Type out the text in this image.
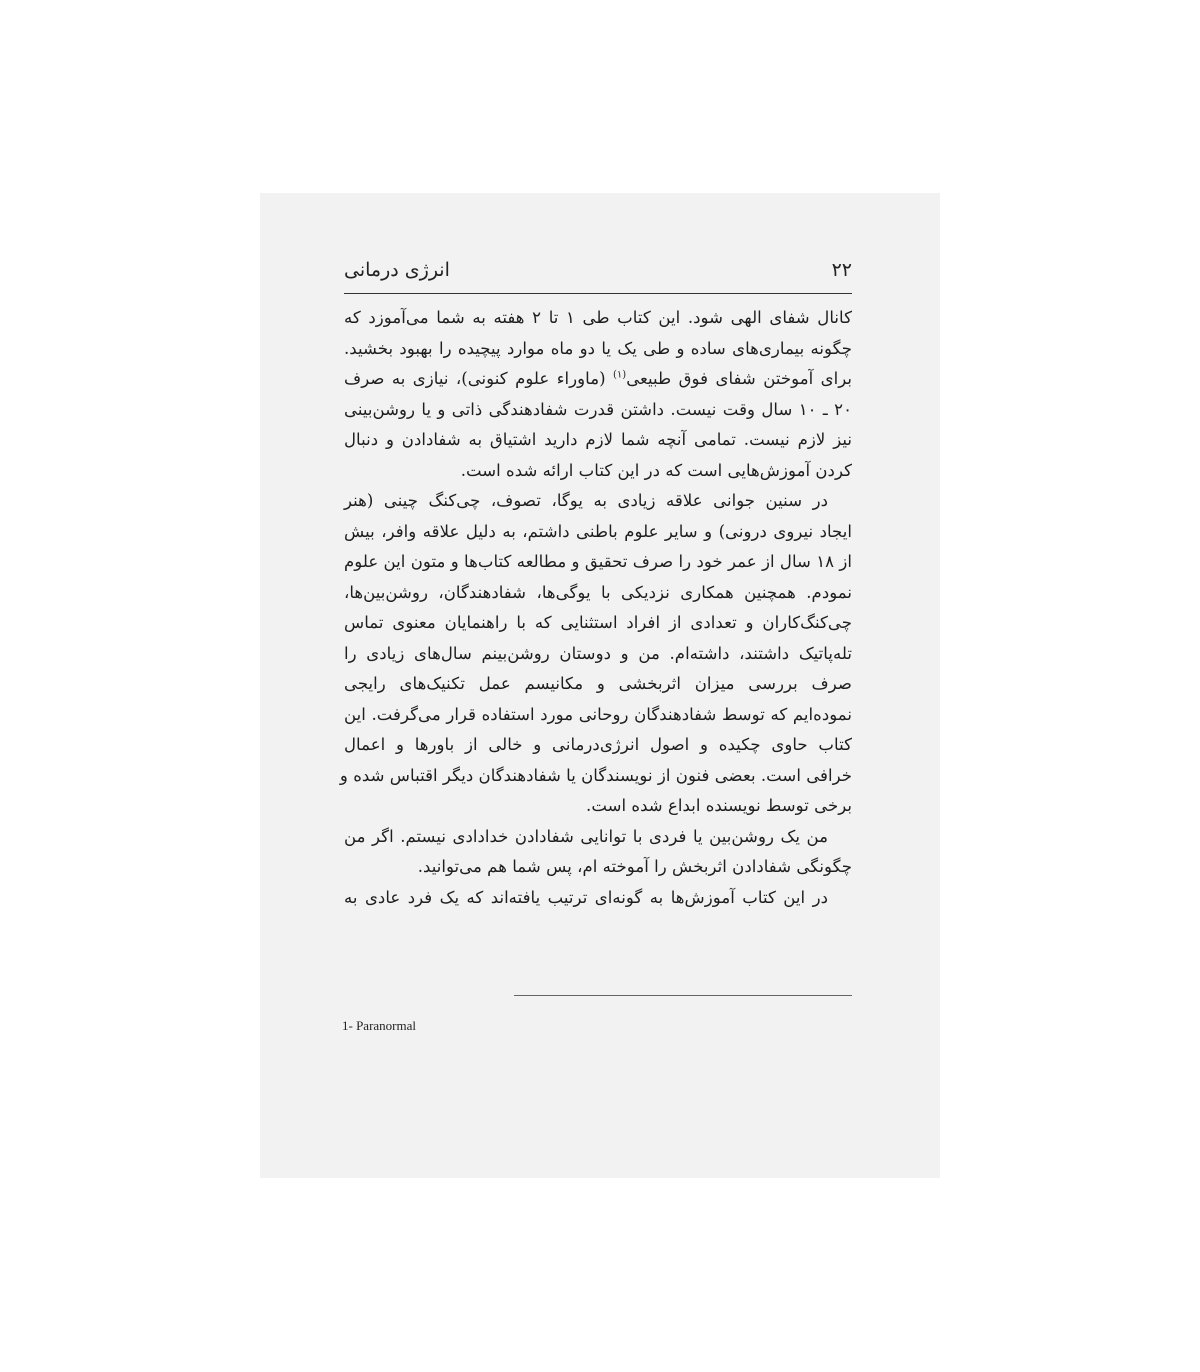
۲۲
انرژی درمانی

کانال شفای الهی شود. این کتاب طی ۱ تا ۲ هفته به شما می‌آموزد که
چگونه بیماری‌های ساده و طی یک یا دو ماه موارد پیچیده را بهبود بخشید.
برای آموختن شفای فوق طبیعی$^{(۱)}$ (ماوراء علوم کنونی)، نیازی به صرف
۲۰ ـ ۱۰ سال وقت نیست. داشتن قدرت شفادهندگی ذاتی و یا روشن‌بینی
نیز لازم نیست. تمامی آنچه شما لازم دارید اشتیاق به شفادادن و دنبال
کردن آموزش‌هایی است که در این کتاب ارائه شده است.

در سنین جوانی علاقه زیادی به یوگا، تصوف، چی‌کنگ چینی (هنر
ایجاد نیروی درونی) و سایر علوم باطنی داشتم، به دلیل علاقه وافر، بیش
از ۱۸ سال از عمر خود را صرف تحقیق و مطالعه کتاب‌ها و متون این علوم
نمودم. همچنین همکاری نزدیکی با یوگی‌ها، شفادهندگان، روشن‌بین‌ها،
چی‌کنگ‌کاران و تعدادی از افراد استثنایی که با راهنمایان معنوی تماس
تله‌پاتیک داشتند، داشته‌ام. من و دوستان روشن‌بینم سال‌های زیادی را
صرف بررسی میزان اثربخشی و مکانیسم عمل تکنیک‌های رایجی
نموده‌ایم که توسط شفادهندگان روحانی مورد استفاده قرار می‌گرفت. این
کتاب حاوی چکیده و اصول انرژی‌درمانی و خالی از باورها و اعمال
خرافی است. بعضی فنون از نویسندگان یا شفادهندگان دیگر اقتباس شده و
برخی توسط نویسنده ابداع شده است.

من یک روشن‌بین یا فردی با توانایی شفادادن خدادادی نیستم. اگر من
چگونگی شفادادن اثربخش را آموخته ام، پس شما هم می‌توانید.

در این کتاب آموزش‌ها به گونه‌ای ترتیب یافته‌اند که یک فرد عادی به

1- Paranormal
